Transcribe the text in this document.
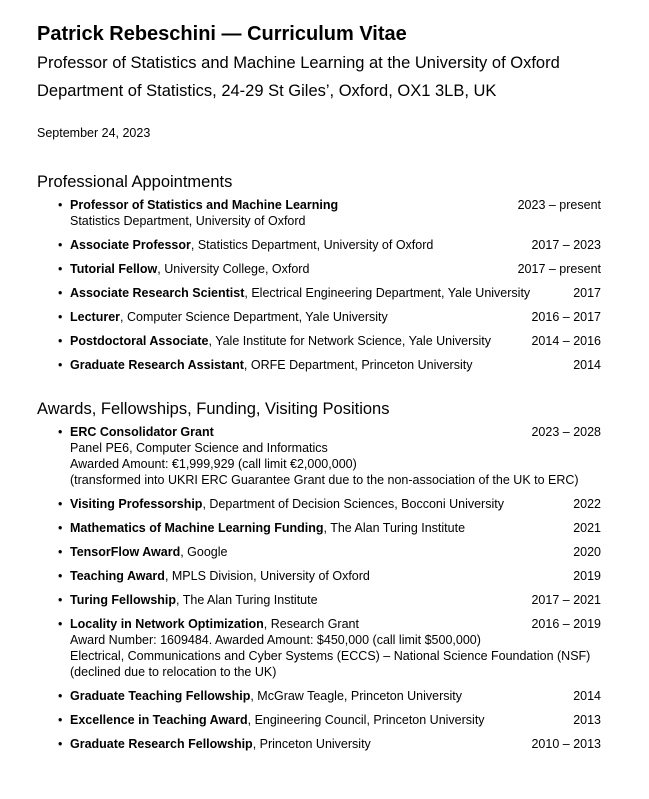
Patrick Rebeschini — Curriculum Vitae
Professor of Statistics and Machine Learning at the University of Oxford
Department of Statistics, 24-29 St Giles’, Oxford, OX1 3LB, UK
September 24, 2023
Professional Appointments
• Professor of Statistics and Machine Learning	2023 – present
Statistics Department, University of Oxford
• Associate Professor, Statistics Department, University of Oxford	2017 – 2023
• Tutorial Fellow, University College, Oxford	2017 – present
• Associate Research Scientist, Electrical Engineering Department, Yale University	2017
• Lecturer, Computer Science Department, Yale University	2016 – 2017
• Postdoctoral Associate, Yale Institute for Network Science, Yale University	2014 – 2016
• Graduate Research Assistant, ORFE Department, Princeton University	2014
Awards, Fellowships, Funding, Visiting Positions
• ERC Consolidator Grant	2023 – 2028
Panel PE6, Computer Science and Informatics
Awarded Amount: €1,999,929 (call limit €2,000,000)
(transformed into UKRI ERC Guarantee Grant due to the non-association of the UK to ERC)
• Visiting Professorship, Department of Decision Sciences, Bocconi University	2022
• Mathematics of Machine Learning Funding, The Alan Turing Institute	2021
• TensorFlow Award, Google	2020
• Teaching Award, MPLS Division, University of Oxford	2019
• Turing Fellowship, The Alan Turing Institute	2017 – 2021
• Locality in Network Optimization, Research Grant	2016 – 2019
Award Number: 1609484. Awarded Amount: $450,000 (call limit $500,000)
Electrical, Communications and Cyber Systems (ECCS) – National Science Foundation (NSF)
(declined due to relocation to the UK)
• Graduate Teaching Fellowship, McGraw Teagle, Princeton University	2014
• Excellence in Teaching Award, Engineering Council, Princeton University	2013
• Graduate Research Fellowship, Princeton University	2010 – 2013
